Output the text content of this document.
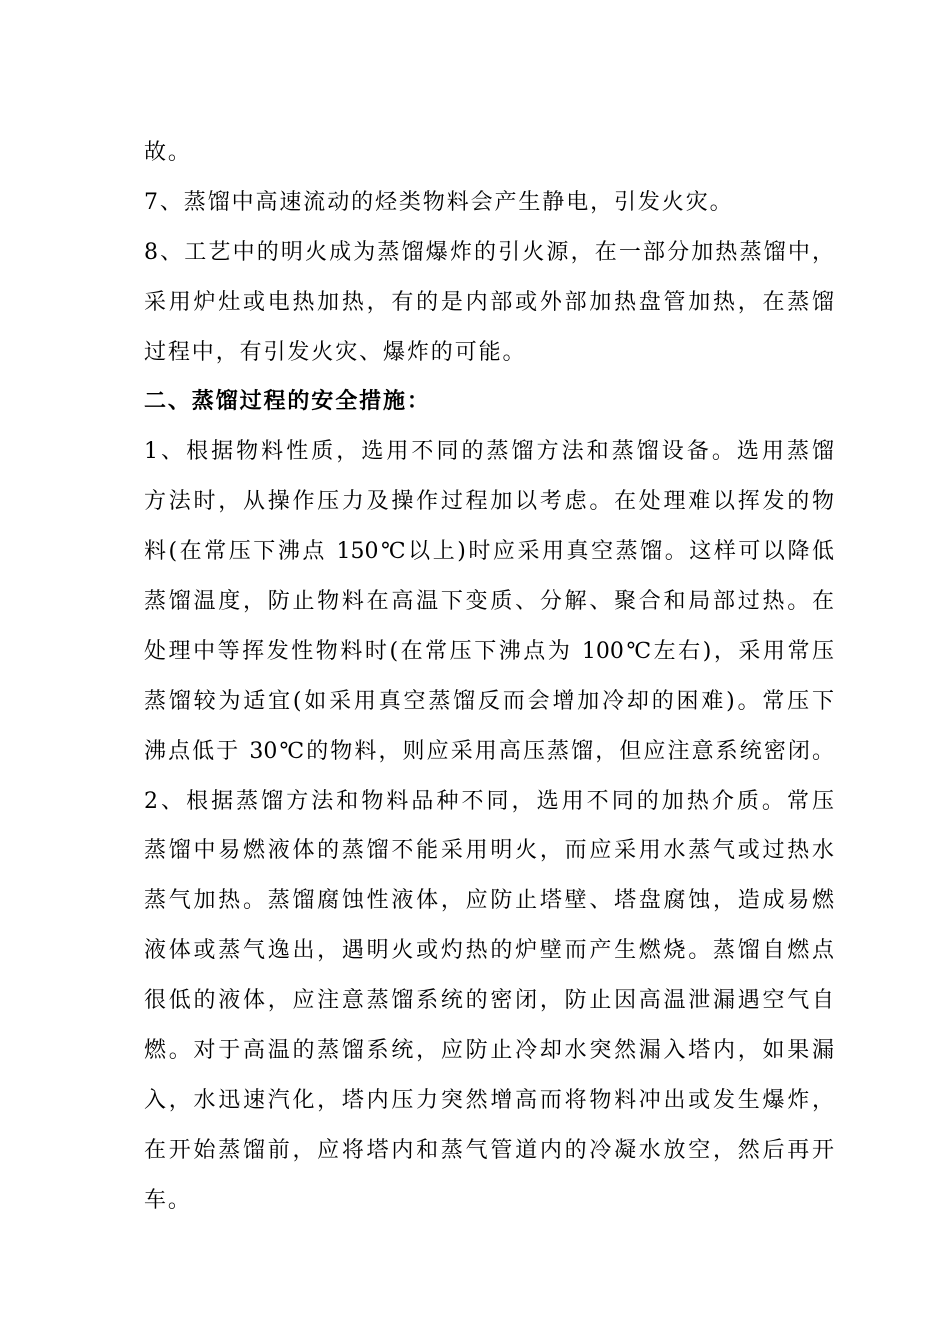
故。
7、蒸馏中高速流动的烃类物料会产生静电，引发火灾。
8、工艺中的明火成为蒸馏爆炸的引火源，在一部分加热蒸馏中，
采用炉灶或电热加热，有的是内部或外部加热盘管加热，在蒸馏
过程中，有引发火灾、爆炸的可能。
二、蒸馏过程的安全措施：
1、根据物料性质，选用不同的蒸馏方法和蒸馏设备。选用蒸馏
方法时，从操作压力及操作过程加以考虑。在处理难以挥发的物
料(在常压下沸点 150℃以上)时应采用真空蒸馏。这样可以降低
蒸馏温度，防止物料在高温下变质、分解、聚合和局部过热。在
处理中等挥发性物料时(在常压下沸点为 100℃左右)，采用常压
蒸馏较为适宜(如采用真空蒸馏反而会增加冷却的困难)。常压下
沸点低于 30℃的物料，则应采用高压蒸馏，但应注意系统密闭。
2、根据蒸馏方法和物料品种不同，选用不同的加热介质。常压
蒸馏中易燃液体的蒸馏不能采用明火，而应采用水蒸气或过热水
蒸气加热。蒸馏腐蚀性液体，应防止塔壁、塔盘腐蚀，造成易燃
液体或蒸气逸出，遇明火或灼热的炉壁而产生燃烧。蒸馏自燃点
很低的液体，应注意蒸馏系统的密闭，防止因高温泄漏遇空气自
燃。对于高温的蒸馏系统，应防止冷却水突然漏入塔内，如果漏
入，水迅速汽化，塔内压力突然增高而将物料冲出或发生爆炸，
在开始蒸馏前，应将塔内和蒸气管道内的冷凝水放空，然后再开
车。
